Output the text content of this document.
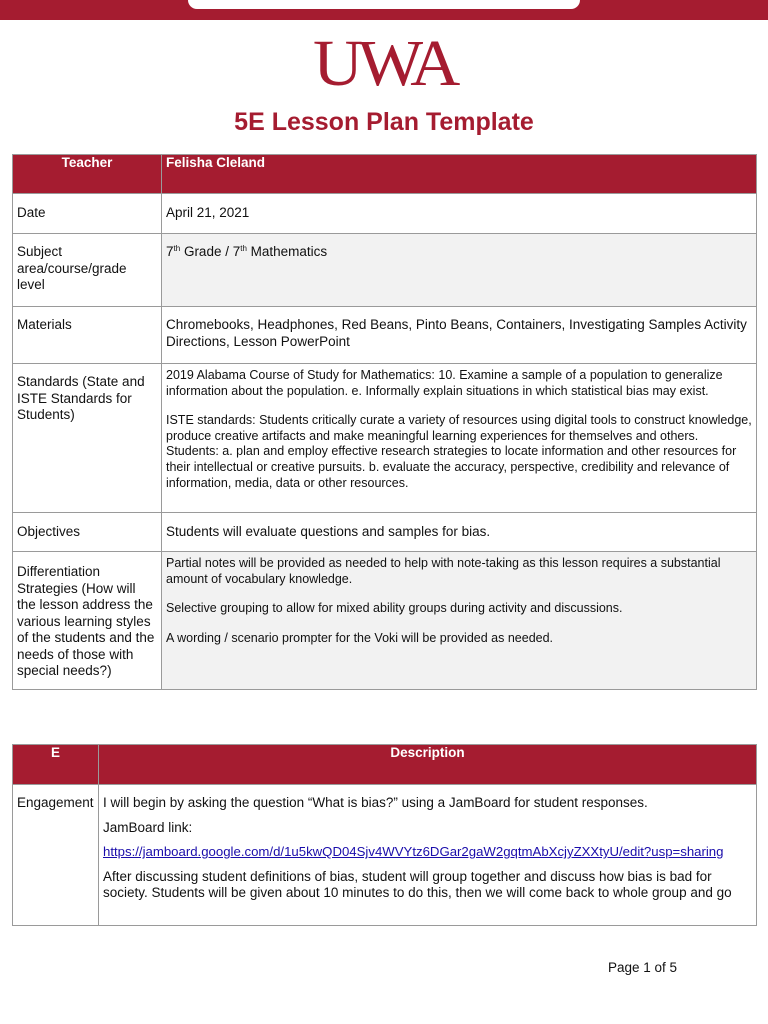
UWA
5E Lesson Plan Template
Teacher	Felisha Cleland
Date	April 21, 2021
Subject area/course/grade level	7th Grade / 7th Mathematics
Materials	Chromebooks, Headphones, Red Beans, Pinto Beans, Containers, Investigating Samples Activity Directions, Lesson PowerPoint
Standards (State and ISTE Standards for Students)	2019 Alabama Course of Study for Mathematics: 10. Examine a sample of a population to generalize information about the population. e. Informally explain situations in which statistical bias may exist.

ISTE standards: Students critically curate a variety of resources using digital tools to construct knowledge, produce creative artifacts and make meaningful learning experiences for themselves and others. Students: a. plan and employ effective research strategies to locate information and other resources for their intellectual or creative pursuits. b. evaluate the accuracy, perspective, credibility and relevance of information, media, data or other resources.

Objectives	Students will evaluate questions and samples for bias.
Differentiation Strategies (How will the lesson address the various learning styles of the students and the needs of those with special needs?)	Partial notes will be provided as needed to help with note-taking as this lesson requires a substantial amount of vocabulary knowledge.

Selective grouping to allow for mixed ability groups during activity and discussions.

A wording / scenario prompter for the Voki will be provided as needed.

E	Description
Engagement	I will begin by asking the question “What is bias?” using a JamBoard for student responses.
JamBoard link:
https://jamboard.google.com/d/1u5kwQD04Sjv4WVYtz6DGar2gaW2gqtmAbXcjyZXXtyU/edit?usp=sharing
After discussing student definitions of bias, student will group together and discuss how bias is bad for society. Students will be given about 10 minutes to do this, then we will come back to whole group and go
Page 1 of 5
